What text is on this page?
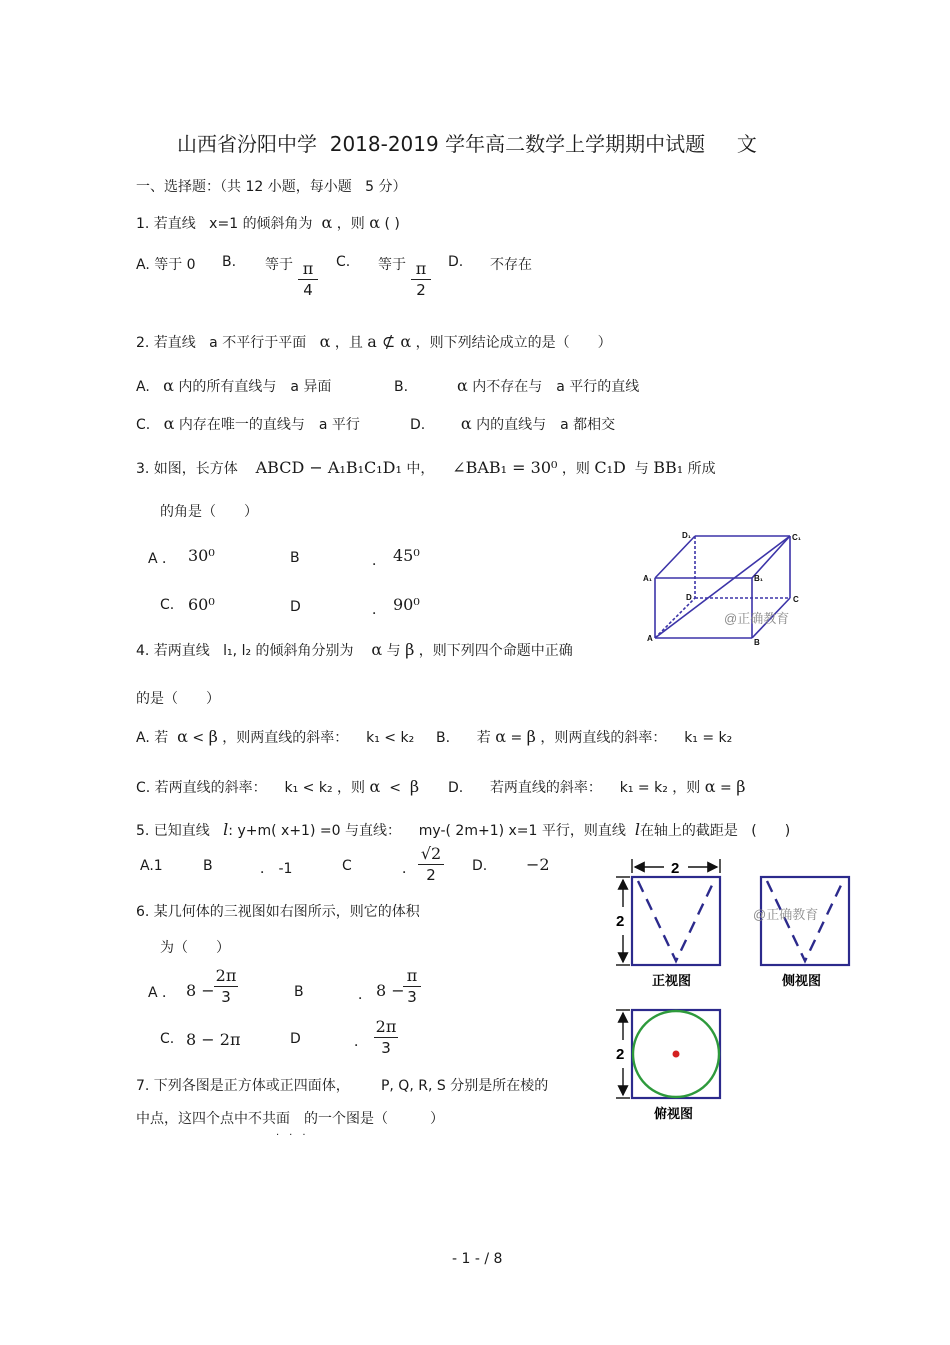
山西省汾阳中学 2018-2019 学年高二数学上学期期中试题 文
一、选择题：（共 12 小题，每小题 5 分）
1. 若直线 x=1 的倾斜角为 α ，则 α ( )
A. 等于 0 B. 等于 π
4
C. 等于 π
2
D. 不存在
2. 若直线 a 不平行于平面 α ，且 a ⊄ α ，则下列结论成立的是（　　）
A. α 内的所有直线与　a 异面	B.	α 内不存在与　a 平行的直线
C. α 内存在唯一的直线与　a 平行	D. α 内的直线与　a 都相交
3. 如图，长方体 ABCD − A₁B₁C₁D₁ 中， ∠BAB₁ = 30⁰ ，则 C₁D 与 BB₁ 所成
的角是（　　）
A ． 30⁰	B	． 45⁰
C. 60⁰	D	． 90⁰
D₁	C₁
A₁	B₁
D	C
A	B
@正确教育
4. 若两直线 l₁, l₂ 的倾斜角分别为 α 与 β ，则下列四个命题中正确
的是（　　）
A. 若 α < β ，则两直线的斜率： k₁ < k₂ B. 若 α = β ，则两直线的斜率： k₁ = k₂
C. 若两直线的斜率： k₁ < k₂ ，则 α < β D. 若两直线的斜率： k₁ = k₂ ，则 α = β
5. 已知直线 l: y+m( x+1) =0 与直线： my-( 2m+1) x=1 平行，则直线 l在轴上的截距是 (　　)
A.1	B	． -1	C	．
√2
2	D. −2
6. 某几何体的三视图如右图所示，则它的体积
为（　　）
A ． 8 −
2π
3	B	． 8 −
π
3
C. 8 − 2π	D	．
2π
3
2
2
正视图	侧视图
@正确教育
2
俯视图
7. 下列各图是正方体或正四面体， P, Q, R, S 分别是所在棱的
中点，这四个点中不共面　的一个图是（　　　）
·　·　·
- 1 - / 8
